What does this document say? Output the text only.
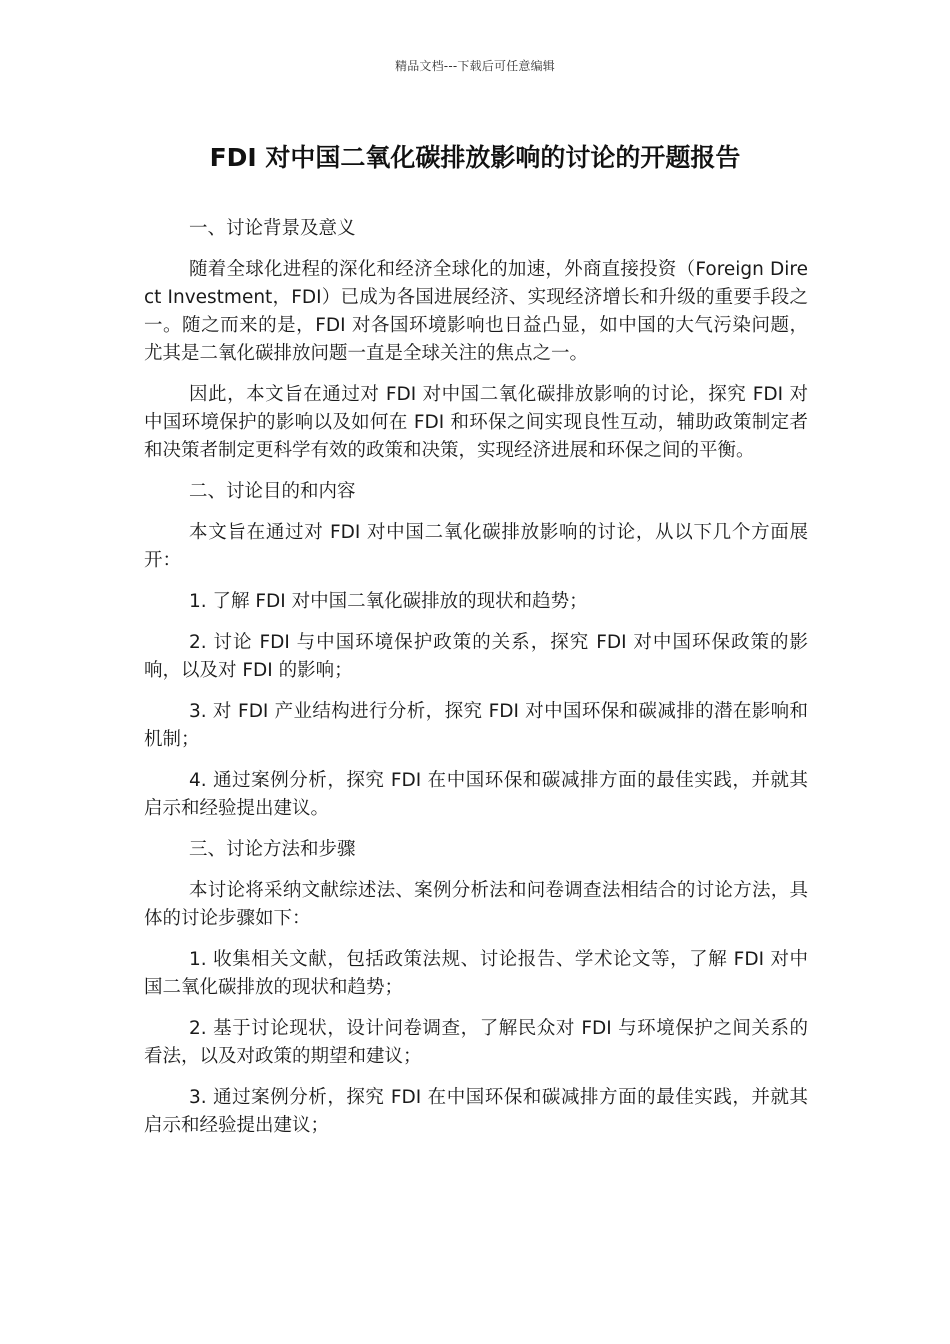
精品文档---下载后可任意编辑
FDI 对中国二氧化碳排放影响的讨论的开题报告

一、讨论背景及意义

随着全球化进程的深化和经济全球化的加速，外商直接投资（Foreign Direct Investment，FDI）已成为各国进展经济、实现经济增长和升级的重要手段之一。随之而来的是，FDI 对各国环境影响也日益凸显，如中国的大气污染问题，尤其是二氧化碳排放问题一直是全球关注的焦点之一。

因此，本文旨在通过对 FDI 对中国二氧化碳排放影响的讨论，探究 FDI 对中国环境保护的影响以及如何在 FDI 和环保之间实现良性互动，辅助政策制定者和决策者制定更科学有效的政策和决策，实现经济进展和环保之间的平衡。

二、讨论目的和内容

本文旨在通过对 FDI 对中国二氧化碳排放影响的讨论，从以下几个方面展开：

1. 了解 FDI 对中国二氧化碳排放的现状和趋势；

2. 讨论 FDI 与中国环境保护政策的关系，探究 FDI 对中国环保政策的影响，以及对 FDI 的影响；

3. 对 FDI 产业结构进行分析，探究 FDI 对中国环保和碳减排的潜在影响和机制；

4. 通过案例分析，探究 FDI 在中国环保和碳减排方面的最佳实践，并就其启示和经验提出建议。

三、讨论方法和步骤

本讨论将采纳文献综述法、案例分析法和问卷调查法相结合的讨论方法，具体的讨论步骤如下：

1. 收集相关文献，包括政策法规、讨论报告、学术论文等，了解 FDI 对中国二氧化碳排放的现状和趋势；

2. 基于讨论现状，设计问卷调查，了解民众对 FDI 与环境保护之间关系的看法，以及对政策的期望和建议；

3. 通过案例分析，探究 FDI 在中国环保和碳减排方面的最佳实践，并就其启示和经验提出建议；
